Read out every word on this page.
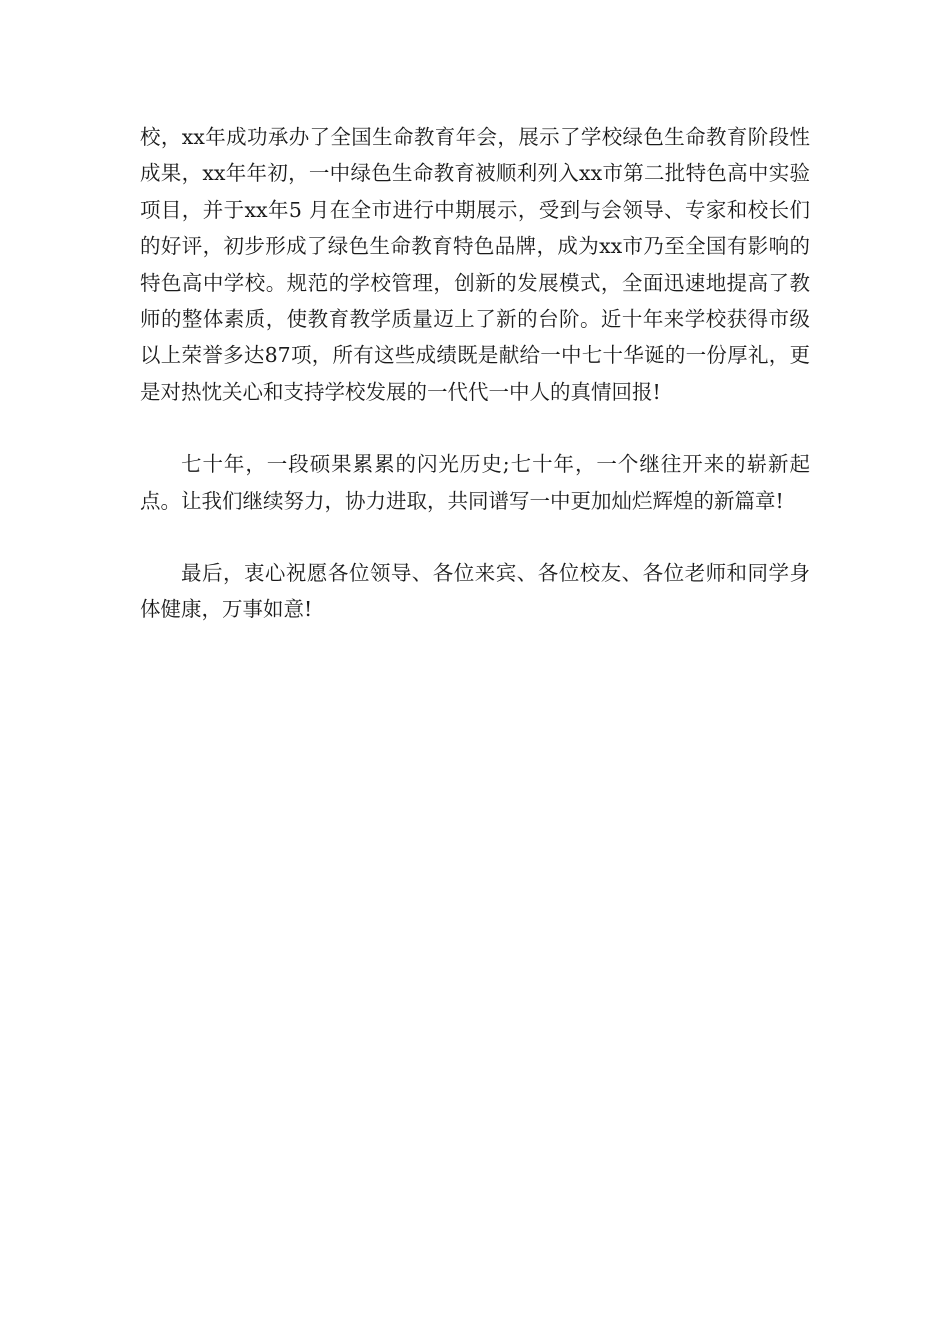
校，xx年成功承办了全国生命教育年会，展示了学校绿色生命教育阶段性成果，xx年年初，一中绿色生命教育被顺利列入xx市第二批特色高中实验项目，并于xx年5 月在全市进行中期展示，受到与会领导、专家和校长们的好评，初步形成了绿色生命教育特色品牌，成为xx市乃至全国有影响的特色高中学校。规范的学校管理，创新的发展模式，全面迅速地提高了教师的整体素质，使教育教学质量迈上了新的台阶。近十年来学校获得市级以上荣誉多达87项，所有这些成绩既是献给一中七十华诞的一份厚礼，更是对热忱关心和支持学校发展的一代代一中人的真情回报!

七十年，一段硕果累累的闪光历史;七十年，一个继往开来的崭新起点。让我们继续努力，协力进取，共同谱写一中更加灿烂辉煌的新篇章!

最后，衷心祝愿各位领导、各位来宾、各位校友、各位老师和同学身体健康，万事如意!
